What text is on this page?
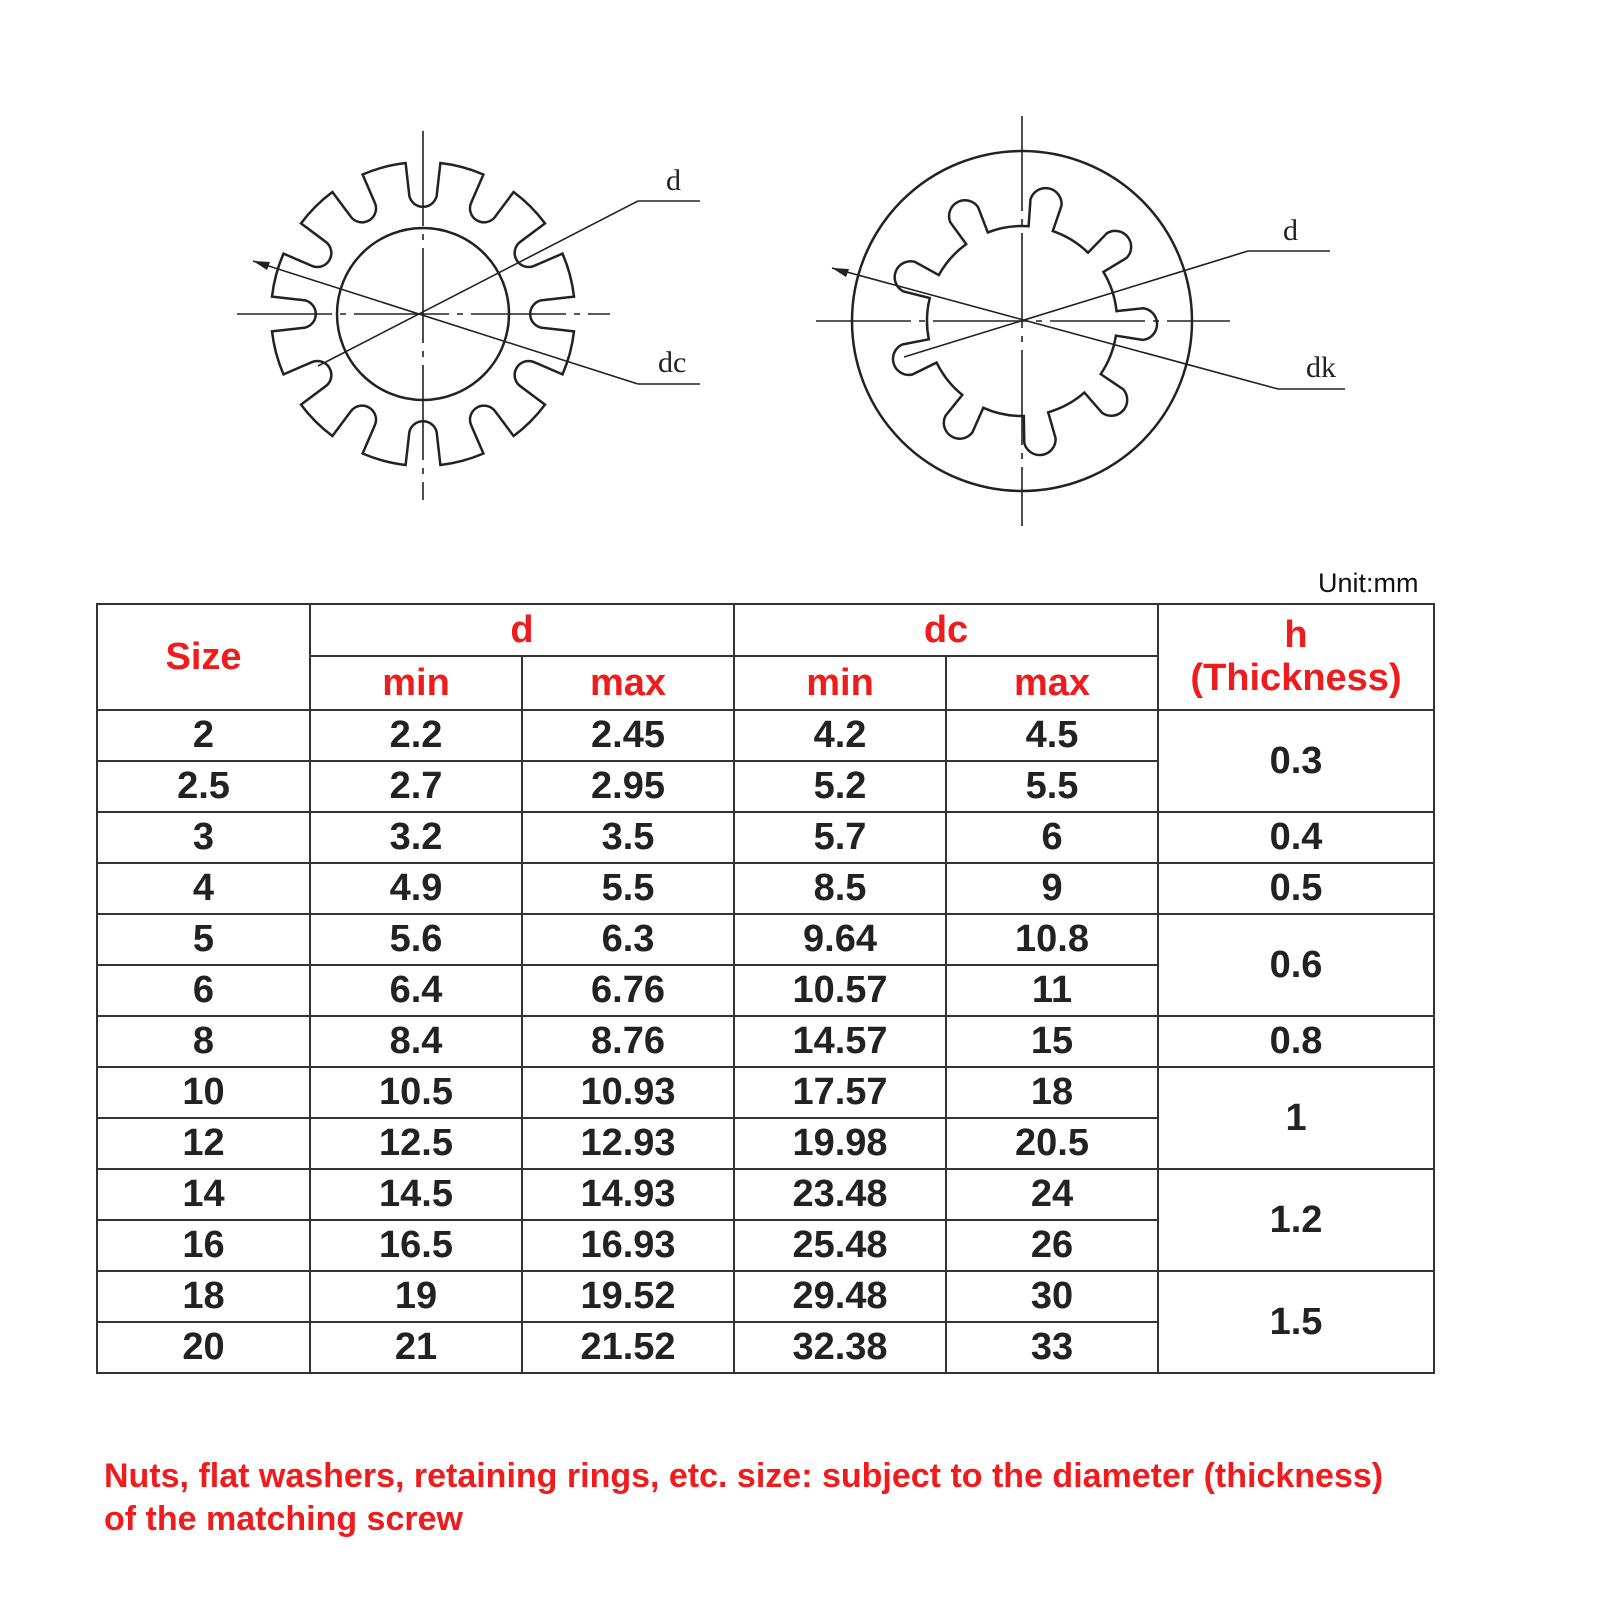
d
dc
d
dk
Unit:mm
Size	d		dc		h
(Thickness)
	min	max	min	max	
2	2.2	2.45	4.2	4.5	0.3
2.5	2.7	2.95	5.2	5.5	
3	3.2	3.5	5.7	6	0.4
4	4.9	5.5	8.5	9	0.5
5	5.6	6.3	9.64	10.8	0.6
6	6.4	6.76	10.57	11	
8	8.4	8.76	14.57	15	0.8
10	10.5	10.93	17.57	18	1
12	12.5	12.93	19.98	20.5	
14	14.5	14.93	23.48	24	1.2
16	16.5	16.93	25.48	26	
18	19	19.52	29.48	30	1.5
20	21	21.52	32.38	33	
Nuts, flat washers, retaining rings, etc. size: subject to the diameter (thickness)
of the matching screw
